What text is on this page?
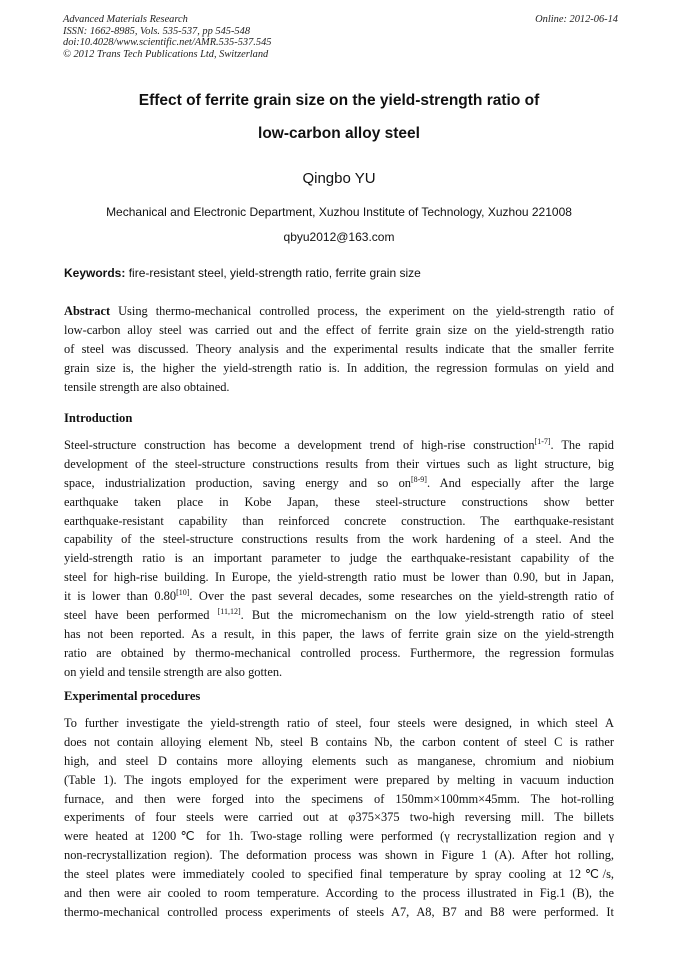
Advanced Materials Research
ISSN: 1662-8985, Vols. 535-537, pp 545-548
doi:10.4028/www.scientific.net/AMR.535-537.545
© 2012 Trans Tech Publications Ltd, Switzerland
Online: 2012-06-14
Effect of ferrite grain size on the yield-strength ratio of
low-carbon alloy steel
Qingbo YU
Mechanical and Electronic Department, Xuzhou Institute of Technology, Xuzhou 221008
qbyu2012@163.com
Keywords: fire-resistant steel, yield-strength ratio, ferrite grain size
Abstract Using thermo-mechanical controlled process, the experiment on the yield-strength ratio of
low-carbon alloy steel was carried out and the effect of ferrite grain size on the yield-strength ratio
of steel was discussed. Theory analysis and the experimental results indicate that the smaller ferrite
grain size is, the higher the yield-strength ratio is. In addition, the regression formulas on yield and
tensile strength are also obtained.
Introduction
Steel-structure construction has become a development trend of high-rise construction[1-7]. The rapid
development of the steel-structure constructions results from their virtues such as light structure, big
space, industrialization production, saving energy and so on[8-9]. And especially after the large
earthquake taken place in Kobe Japan, these steel-structure constructions show better
earthquake-resistant capability than reinforced concrete construction. The earthquake-resistant
capability of the steel-structure constructions results from the work hardening of a steel. And the
yield-strength ratio is an important parameter to judge the earthquake-resistant capability of the
steel for high-rise building. In Europe, the yield-strength ratio must be lower than 0.90, but in Japan,
it is lower than 0.80[10]. Over the past several decades, some researches on the yield-strength ratio of
steel have been performed [11,12]. But the micromechanism on the low yield-strength ratio of steel
has not been reported. As a result, in this paper, the laws of ferrite grain size on the yield-strength
ratio are obtained by thermo-mechanical controlled process. Furthermore, the regression formulas
on yield and tensile strength are also gotten.
Experimental procedures
To further investigate the yield-strength ratio of steel, four steels were designed, in which steel A
does not contain alloying element Nb, steel B contains Nb, the carbon content of steel C is rather
high, and steel D contains more alloying elements such as manganese, chromium and niobium
(Table 1). The ingots employed for the experiment were prepared by melting in vacuum induction
furnace, and then were forged into the specimens of 150mm×100mm×45mm. The hot-rolling
experiments of four steels were carried out at φ375×375 two-high reversing mill. The billets
were heated at 1200℃ for 1h. Two-stage rolling were performed (γ recrystallization region and γ
non-recrystallization region). The deformation process was shown in Figure 1 (A). After hot rolling,
the steel plates were immediately cooled to specified final temperature by spray cooling at 12℃/s,
and then were air cooled to room temperature. According to the process illustrated in Fig.1 (B), the
thermo-mechanical controlled process experiments of steels A7, A8, B7 and B8 were performed. It
